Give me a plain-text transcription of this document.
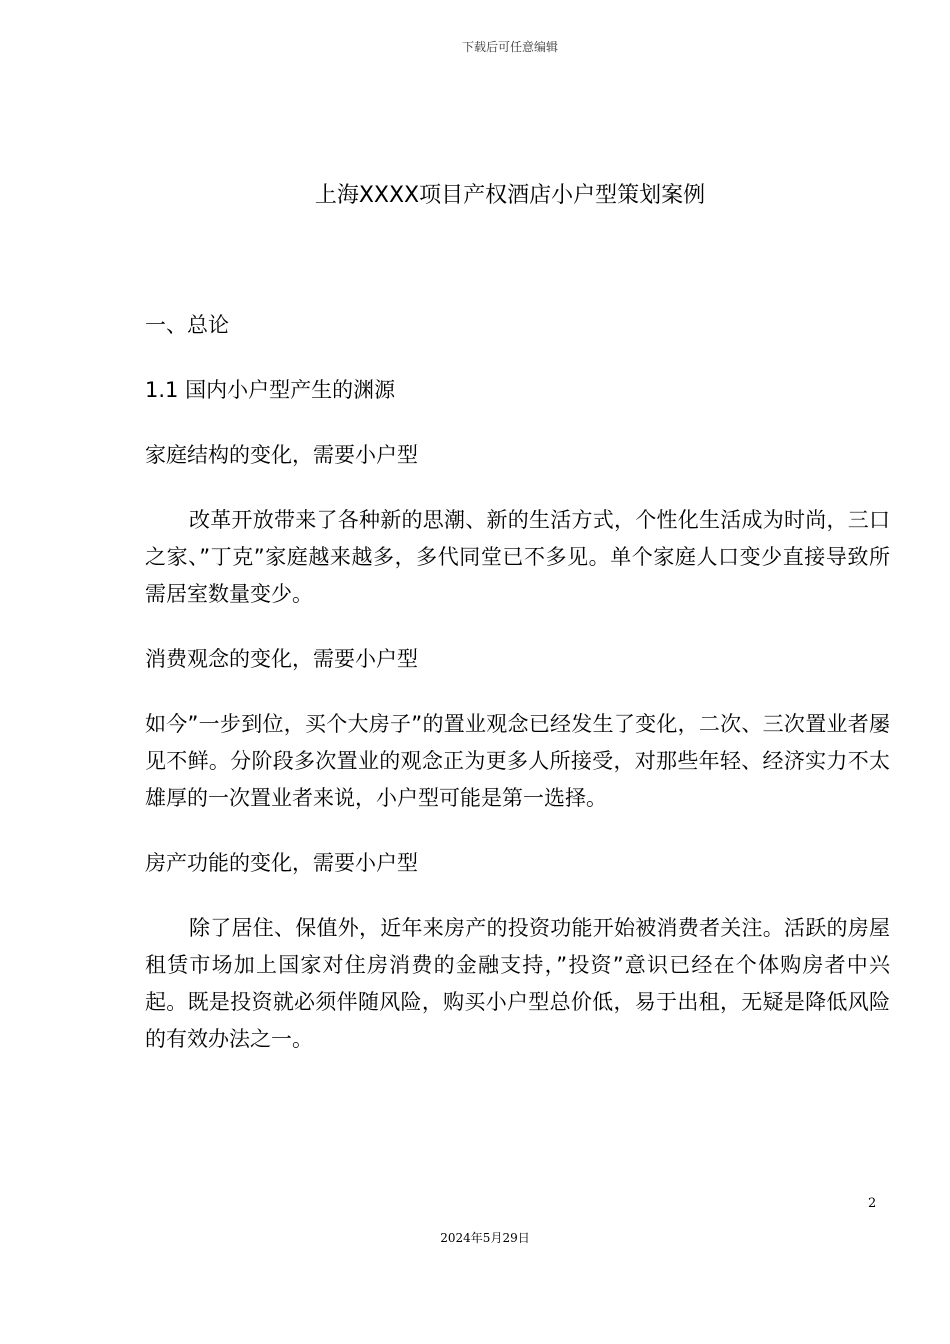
下载后可任意编辑
上海XXXX项目产权酒店小户型策划案例

一、总论

1.1 国内小户型产生的渊源

家庭结构的变化，需要小户型

改革开放带来了各种新的思潮、新的生活方式，个性化生活成为时尚，三口之家、”丁克”家庭越来越多，多代同堂已不多见。单个家庭人口变少直接导致所需居室数量变少。

消费观念的变化，需要小户型

如今”一步到位，买个大房子”的置业观念已经发生了变化，二次、三次置业者屡见不鲜。分阶段多次置业的观念正为更多人所接受，对那些年轻、经济实力不太雄厚的一次置业者来说，小户型可能是第一选择。

房产功能的变化，需要小户型

除了居住、保值外，近年来房产的投资功能开始被消费者关注。活跃的房屋租赁市场加上国家对住房消费的金融支持，”投资”意识已经在个体购房者中兴起。既是投资就必须伴随风险，购买小户型总价低，易于出租，无疑是降低风险的有效办法之一。

2
2024年5月29日
